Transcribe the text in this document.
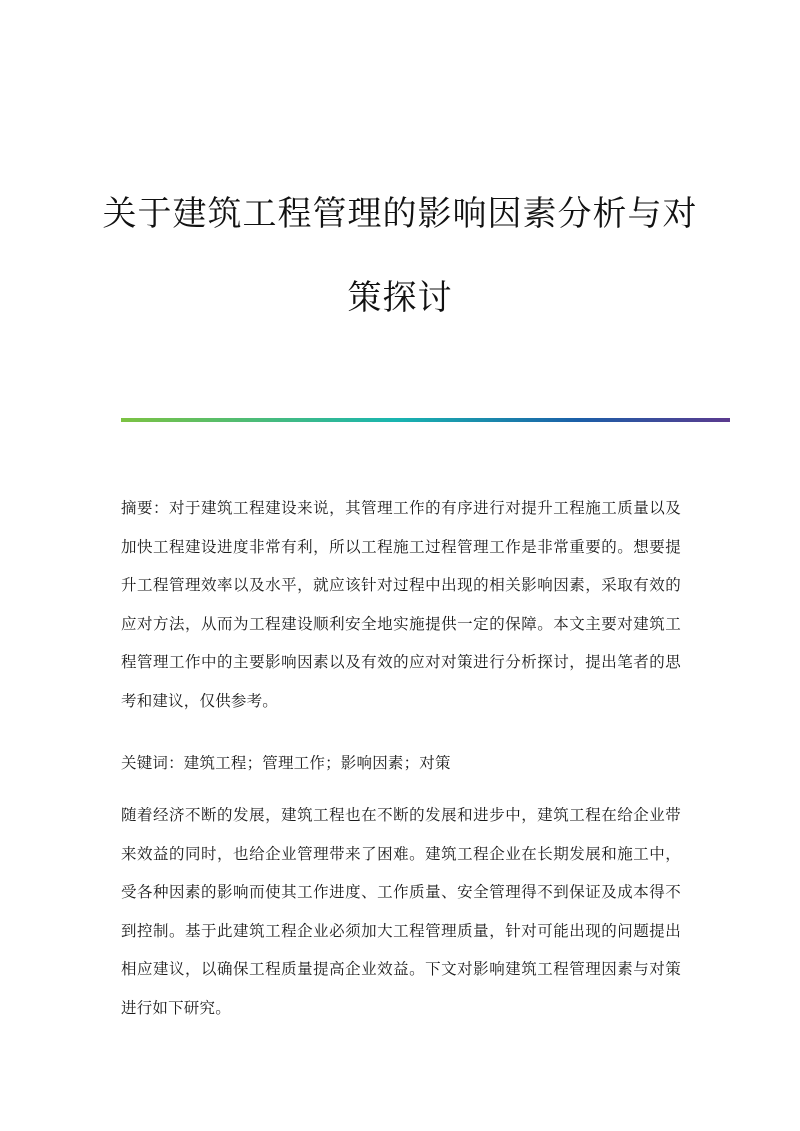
关于建筑工程管理的影响因素分析与对
策探讨

摘要：对于建筑工程建设来说，其管理工作的有序进行对提升工程施工质量以及加快工程建设进度非常有利，所以工程施工过程管理工作是非常重要的。想要提升工程管理效率以及水平，就应该针对过程中出现的相关影响因素，采取有效的应对方法，从而为工程建设顺利安全地实施提供一定的保障。本文主要对建筑工程管理工作中的主要影响因素以及有效的应对对策进行分析探讨，提出笔者的思考和建议，仅供参考。

关键词：建筑工程；管理工作；影响因素；对策

随着经济不断的发展，建筑工程也在不断的发展和进步中，建筑工程在给企业带来效益的同时，也给企业管理带来了困难。建筑工程企业在长期发展和施工中，受各种因素的影响而使其工作进度、工作质量、安全管理得不到保证及成本得不到控制。基于此建筑工程企业必须加大工程管理质量，针对可能出现的问题提出相应建议，以确保工程质量提高企业效益。下文对影响建筑工程管理因素与对策进行如下研究。
